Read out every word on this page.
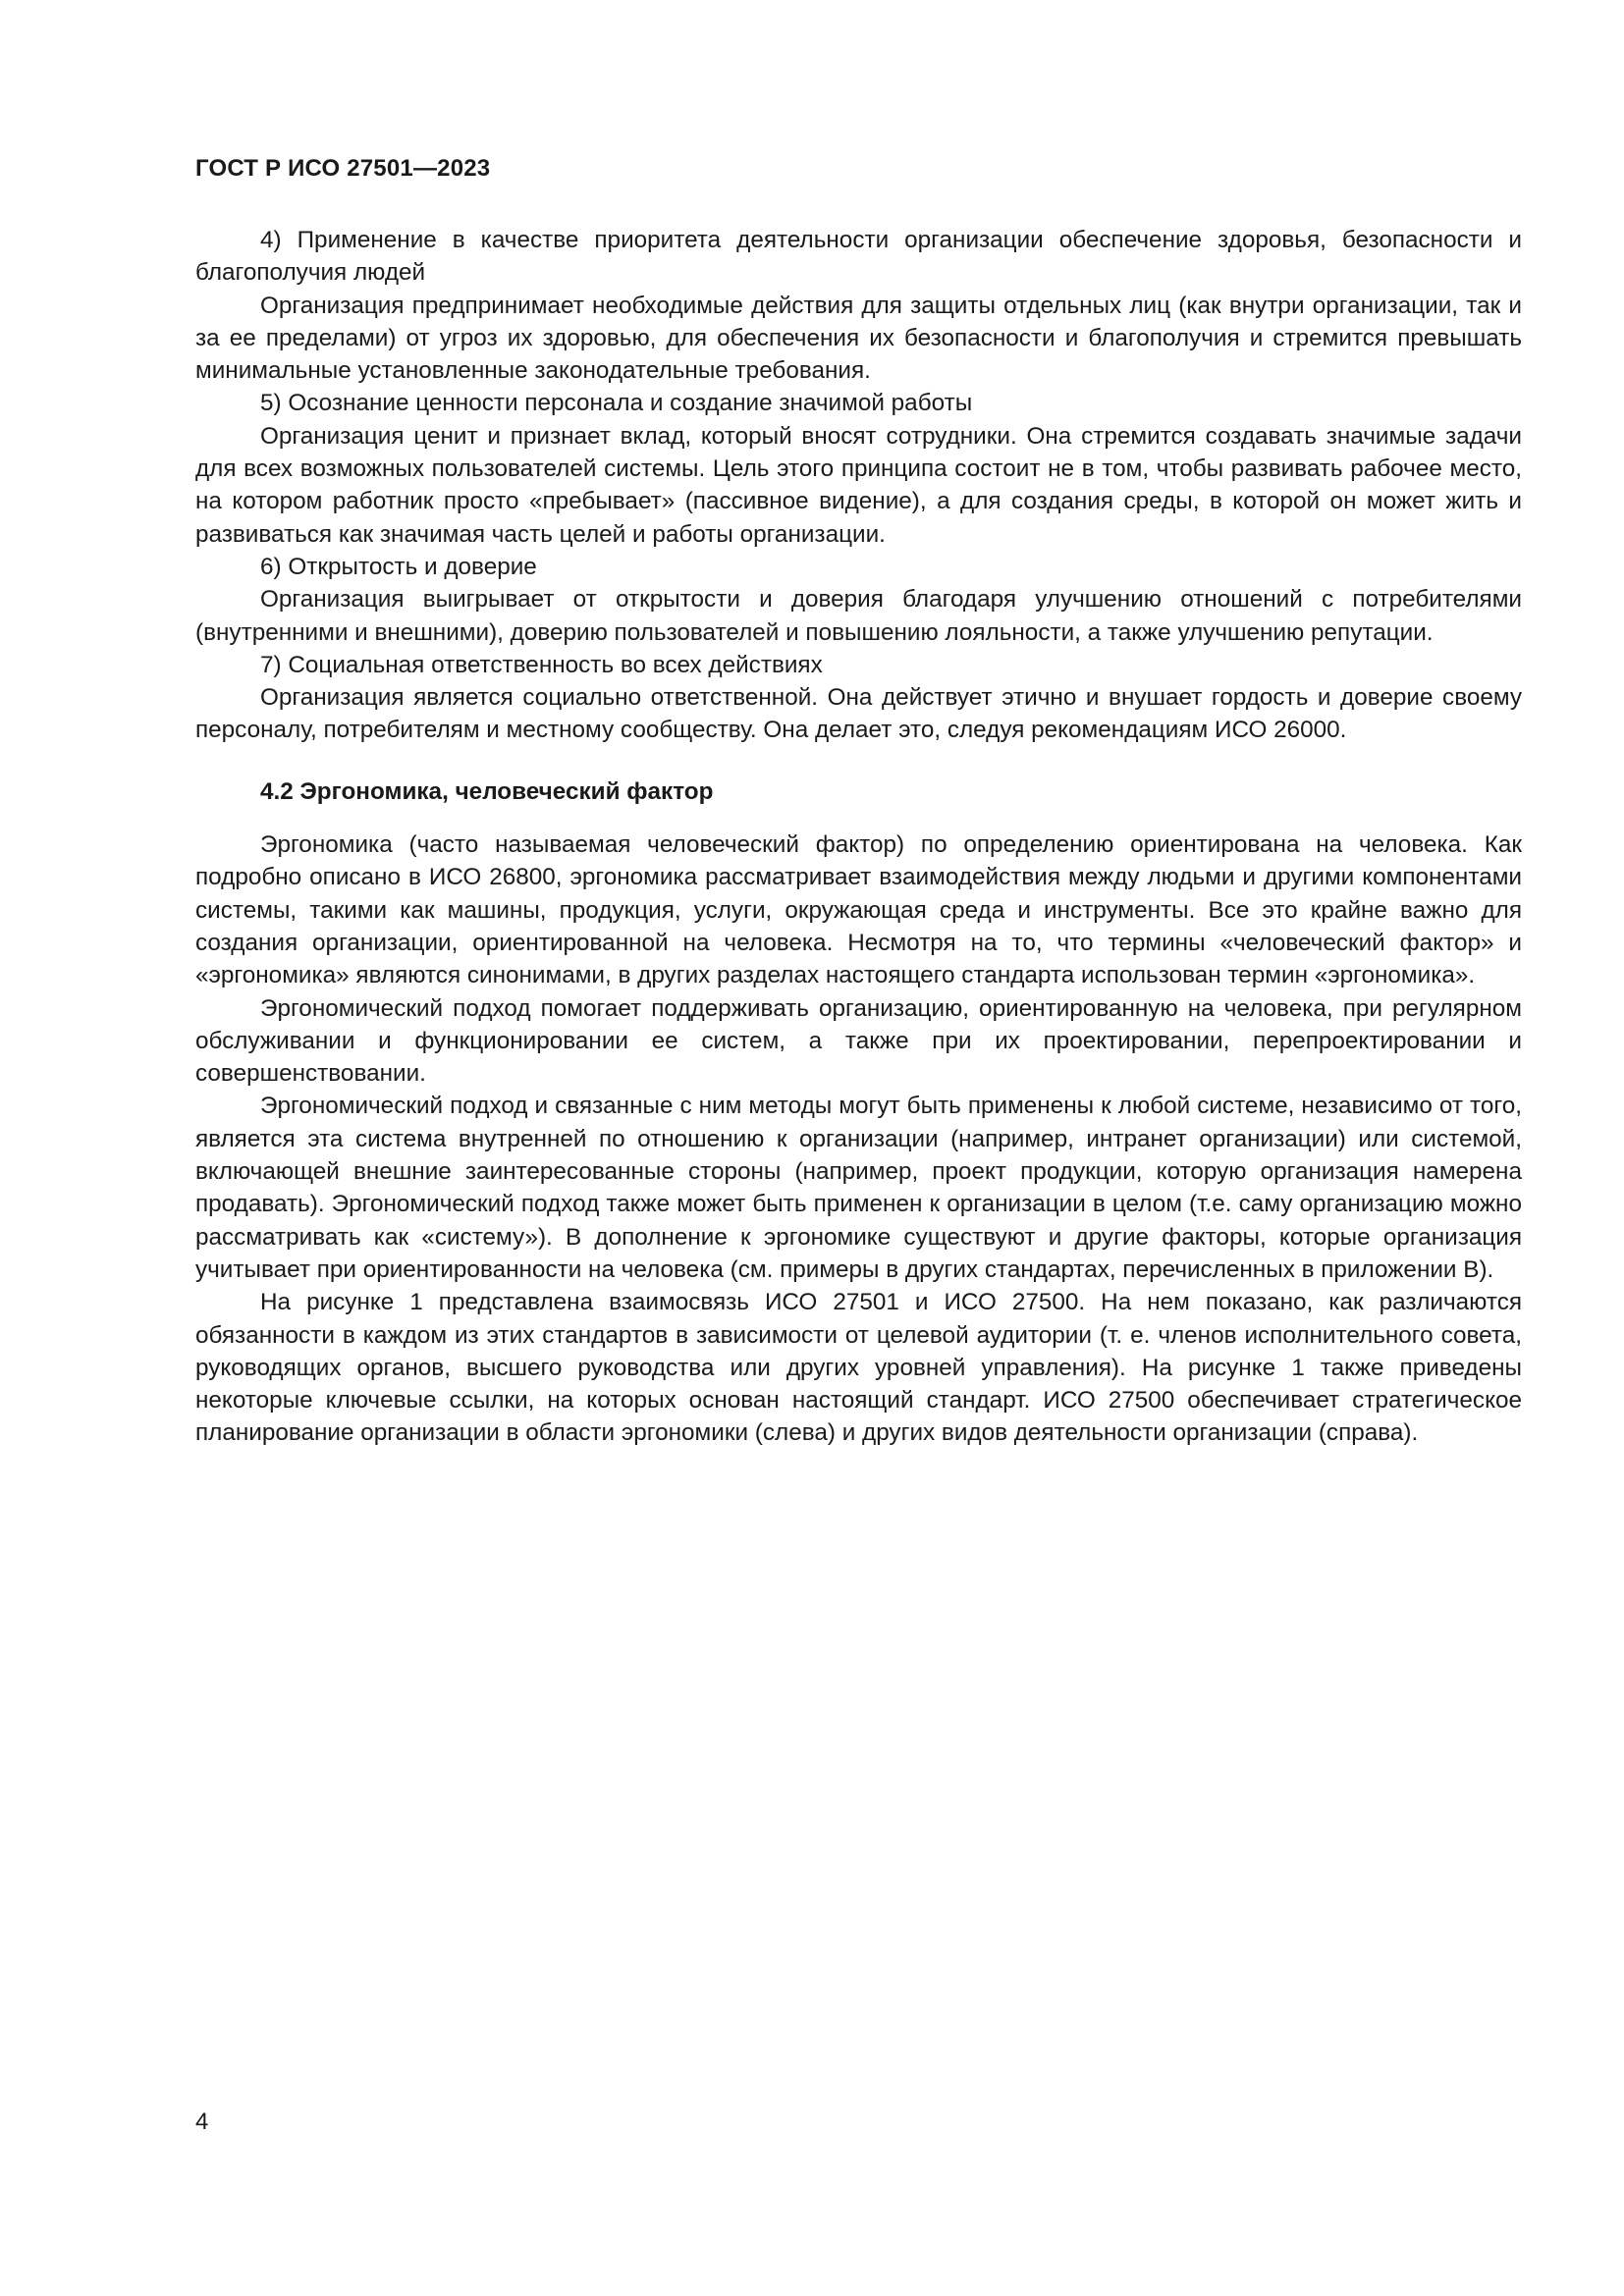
ГОСТ Р ИСО 27501—2023

4) Применение в качестве приоритета деятельности организации обеспечение здоровья, безопасности и благополучия людей

Организация предпринимает необходимые действия для защиты отдельных лиц (как внутри организации, так и за ее пределами) от угроз их здоровью, для обеспечения их безопасности и благополучия и стремится превышать минимальные установленные законодательные требования.

5) Осознание ценности персонала и создание значимой работы

Организация ценит и признает вклад, который вносят сотрудники. Она стремится создавать значимые задачи для всех возможных пользователей системы. Цель этого принципа состоит не в том, чтобы развивать рабочее место, на котором работник просто «пребывает» (пассивное видение), а для создания среды, в которой он может жить и развиваться как значимая часть целей и работы организации.

6) Открытость и доверие

Организация выигрывает от открытости и доверия благодаря улучшению отношений с потребителями (внутренними и внешними), доверию пользователей и повышению лояльности, а также улучшению репутации.

7) Социальная ответственность во всех действиях

Организация является социально ответственной. Она действует этично и внушает гордость и доверие своему персоналу, потребителям и местному сообществу. Она делает это, следуя рекомендациям ИСО 26000.

4.2 Эргономика, человеческий фактор

Эргономика (часто называемая человеческий фактор) по определению ориентирована на человека. Как подробно описано в ИСО 26800, эргономика рассматривает взаимодействия между людьми и другими компонентами системы, такими как машины, продукция, услуги, окружающая среда и инструменты. Все это крайне важно для создания организации, ориентированной на человека. Несмотря на то, что термины «человеческий фактор» и «эргономика» являются синонимами, в других разделах настоящего стандарта использован термин «эргономика».

Эргономический подход помогает поддерживать организацию, ориентированную на человека, при регулярном обслуживании и функционировании ее систем, а также при их проектировании, перепроектировании и совершенствовании.

Эргономический подход и связанные с ним методы могут быть применены к любой системе, независимо от того, является эта система внутренней по отношению к организации (например, интранет организации) или системой, включающей внешние заинтересованные стороны (например, проект продукции, которую организация намерена продавать). Эргономический подход также может быть применен к организации в целом (т.е. саму организацию можно рассматривать как «систему»). В дополнение к эргономике существуют и другие факторы, которые организация учитывает при ориентированности на человека (см. примеры в других стандартах, перечисленных в приложении В).

На рисунке 1 представлена взаимосвязь ИСО 27501 и ИСО 27500. На нем показано, как различаются обязанности в каждом из этих стандартов в зависимости от целевой аудитории (т. е. членов исполнительного совета, руководящих органов, высшего руководства или других уровней управления). На рисунке 1 также приведены некоторые ключевые ссылки, на которых основан настоящий стандарт. ИСО 27500 обеспечивает стратегическое планирование организации в области эргономики (слева) и других видов деятельности организации (справа).

4
